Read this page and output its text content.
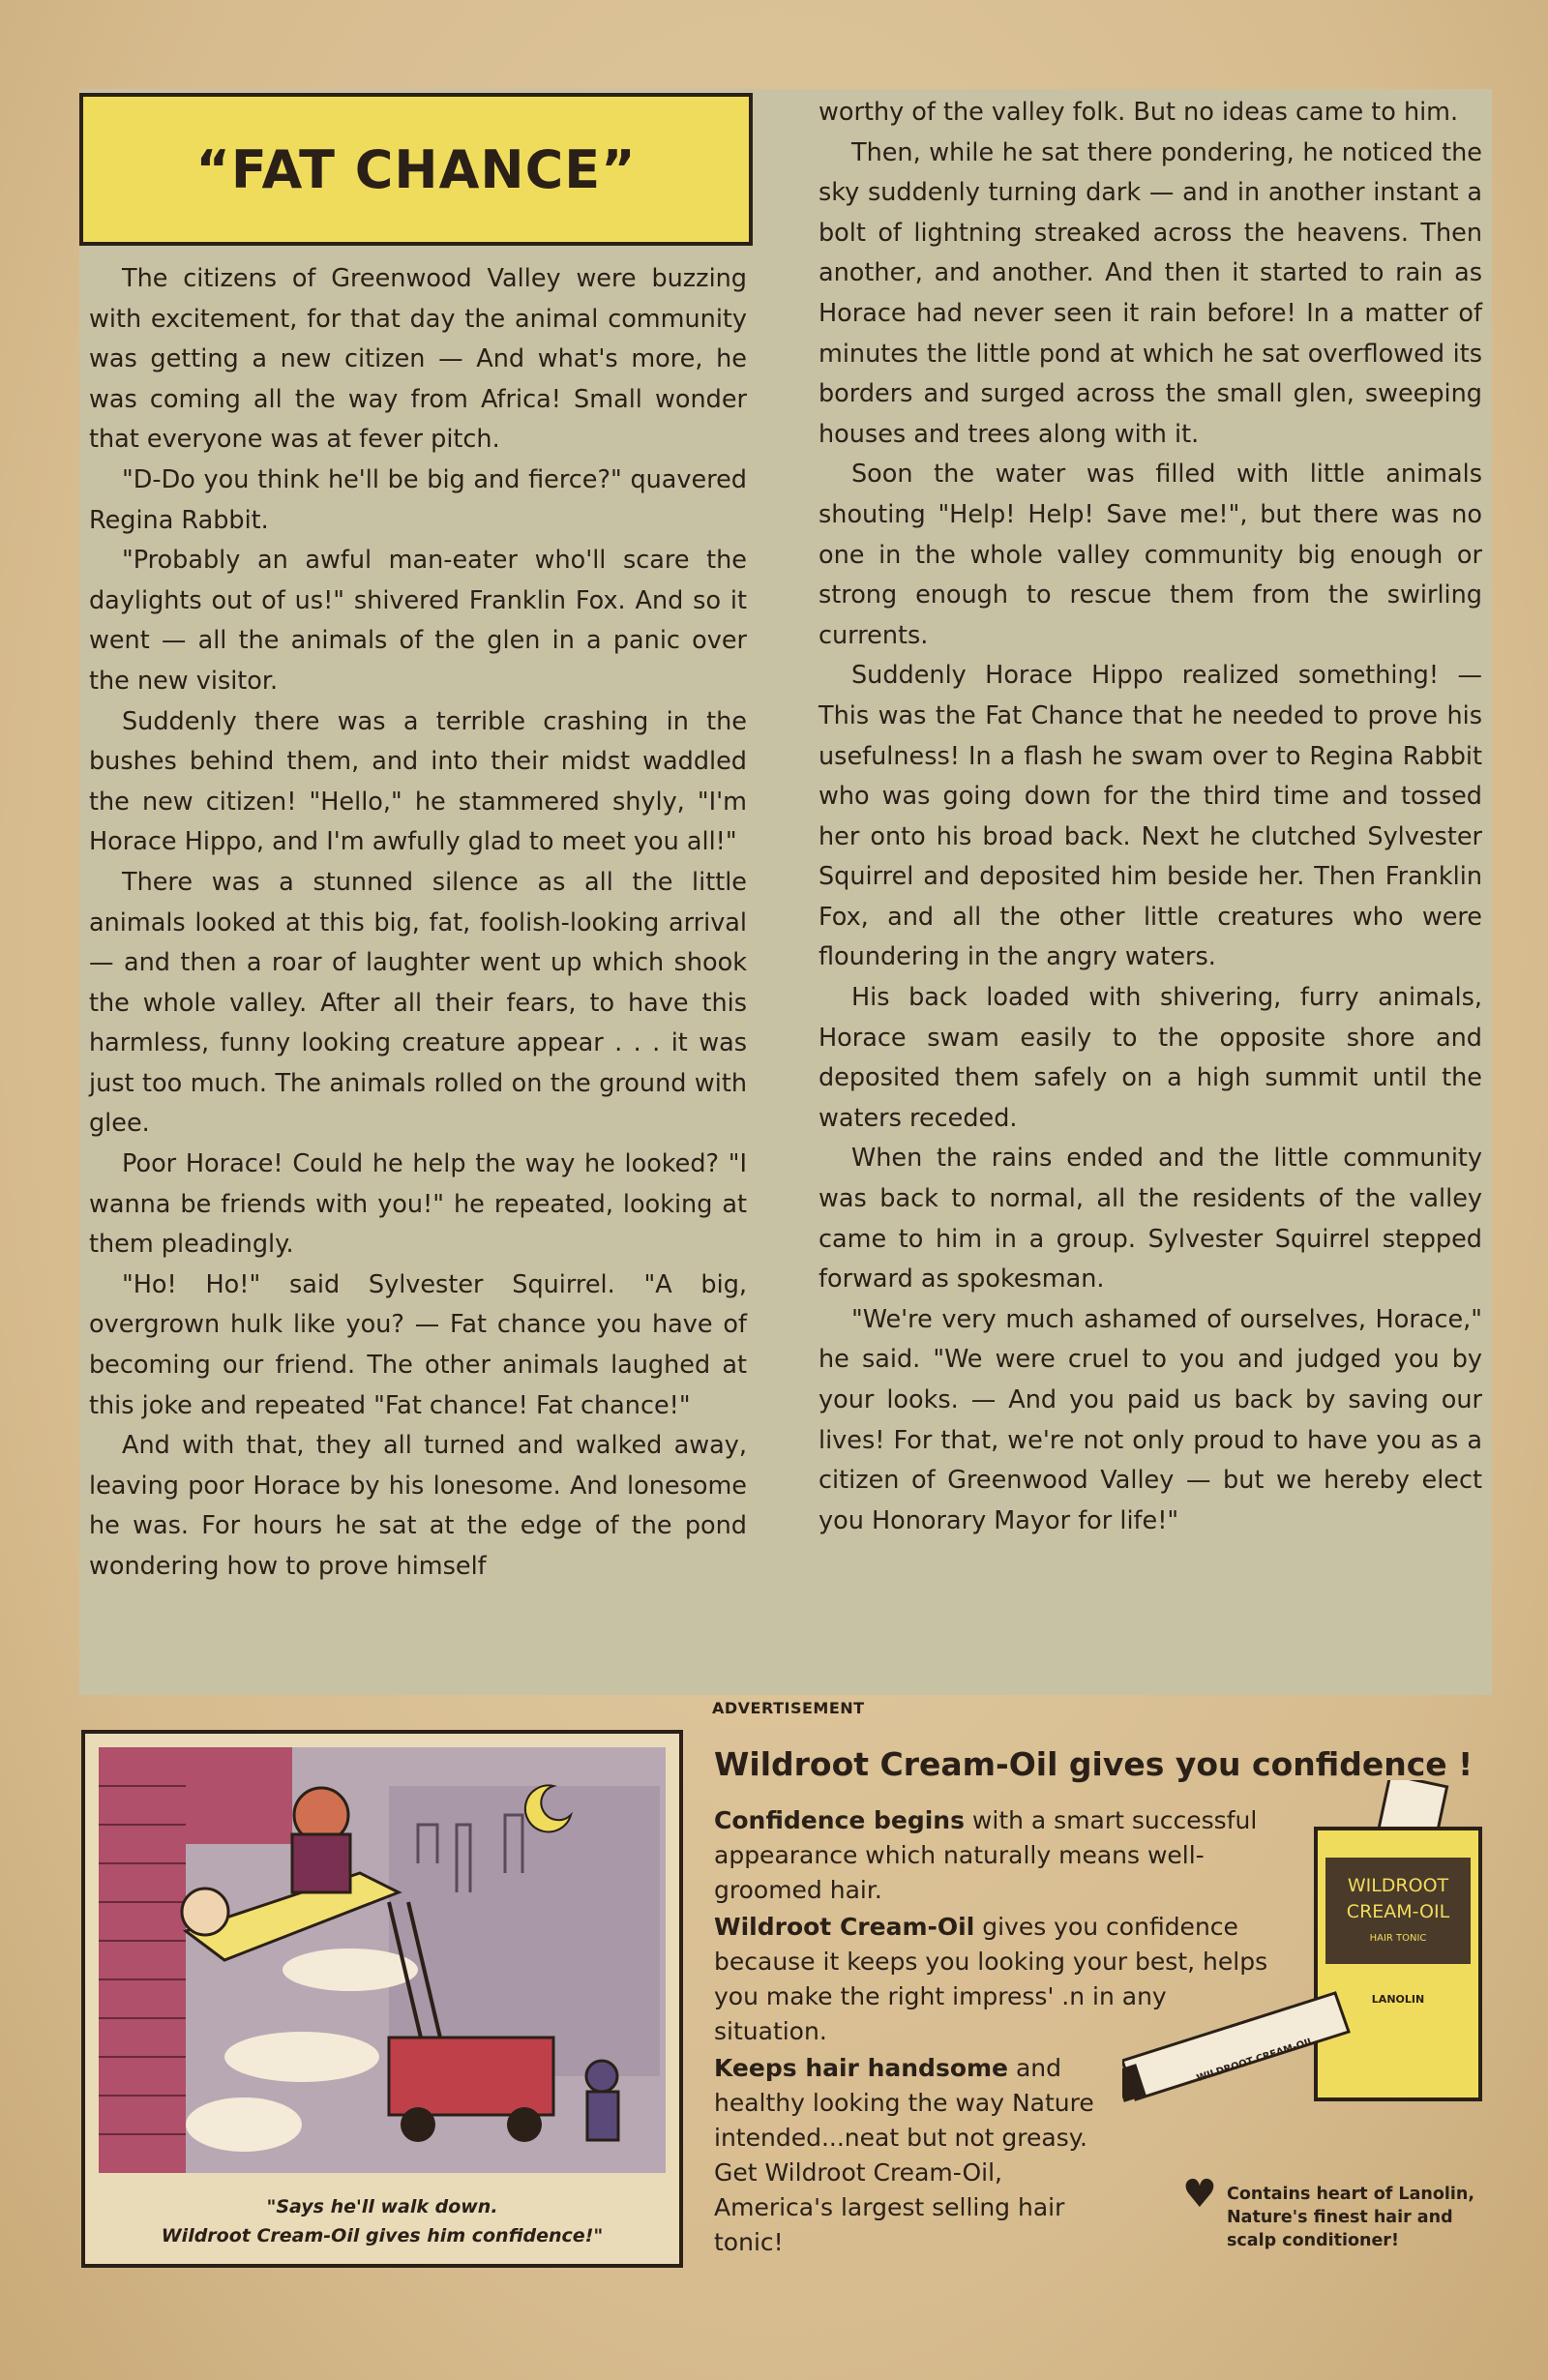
“FAT CHANCE”

The citizens of Greenwood Valley were buzzing with excitement, for that day the animal community was getting a new citizen — And what's more, he was coming all the way from Africa! Small wonder that everyone was at fever pitch.

"D-Do you think he'll be big and fierce?" quavered Regina Rabbit.

"Probably an awful man-eater who'll scare the daylights out of us!" shivered Franklin Fox. And so it went — all the animals of the glen in a panic over the new visitor.

Suddenly there was a terrible crashing in the bushes behind them, and into their midst waddled the new citizen! "Hello," he stammered shyly, "I'm Horace Hippo, and I'm awfully glad to meet you all!"

There was a stunned silence as all the little animals looked at this big, fat, foolish-looking arrival — and then a roar of laughter went up which shook the whole valley. After all their fears, to have this harmless, funny looking creature appear . . . it was just too much. The animals rolled on the ground with glee.

Poor Horace! Could he help the way he looked? "I wanna be friends with you!" he repeated, looking at them pleadingly.

"Ho! Ho!" said Sylvester Squirrel. "A big, overgrown hulk like you? — Fat chance you have of becoming our friend. The other animals laughed at this joke and repeated "Fat chance! Fat chance!"

And with that, they all turned and walked away, leaving poor Horace by his lonesome. And lonesome he was. For hours he sat at the edge of the pond wondering how to prove himself

worthy of the valley folk. But no ideas came to him.

Then, while he sat there pondering, he noticed the sky suddenly turning dark — and in another instant a bolt of lightning streaked across the heavens. Then another, and another. And then it started to rain as Horace had never seen it rain before! In a matter of minutes the little pond at which he sat overflowed its borders and surged across the small glen, sweeping houses and trees along with it.

Soon the water was filled with little animals shouting "Help! Help! Save me!", but there was no one in the whole valley community big enough or strong enough to rescue them from the swirling currents.

Suddenly Horace Hippo realized something! — This was the Fat Chance that he needed to prove his usefulness! In a flash he swam over to Regina Rabbit who was going down for the third time and tossed her onto his broad back. Next he clutched Sylvester Squirrel and deposited him beside her. Then Franklin Fox, and all the other little creatures who were floundering in the angry waters.

His back loaded with shivering, furry animals, Horace swam easily to the opposite shore and deposited them safely on a high summit until the waters receded.

When the rains ended and the little community was back to normal, all the residents of the valley came to him in a group. Sylvester Squirrel stepped forward as spokesman.

"We're very much ashamed of ourselves, Horace," he said. "We were cruel to you and judged you by your looks. — And you paid us back by saving our lives! For that, we're not only proud to have you as a citizen of Greenwood Valley — but we hereby elect you Honorary Mayor for life!"

ADVERTISEMENT
"Says he'll walk down.
Wildroot Cream-Oil gives him confidence!"
Wildroot Cream-Oil gives you confidence !

Confidence begins with a smart successful appearance which naturally means well-groomed hair.

Wildroot Cream-Oil gives you confidence because it keeps you looking your best, helps you make the right impress' .n in any situation.

Keeps hair handsome and healthy looking the way Nature intended...neat but not greasy. Get Wildroot Cream-Oil, America's largest selling hair tonic!

WILDROOT
CREAM-OIL
HAIR TONIC
LANOLIN
WILDROOT CREAM-OIL
♥ Contains heart of Lanolin, Nature's finest hair and scalp conditioner!
